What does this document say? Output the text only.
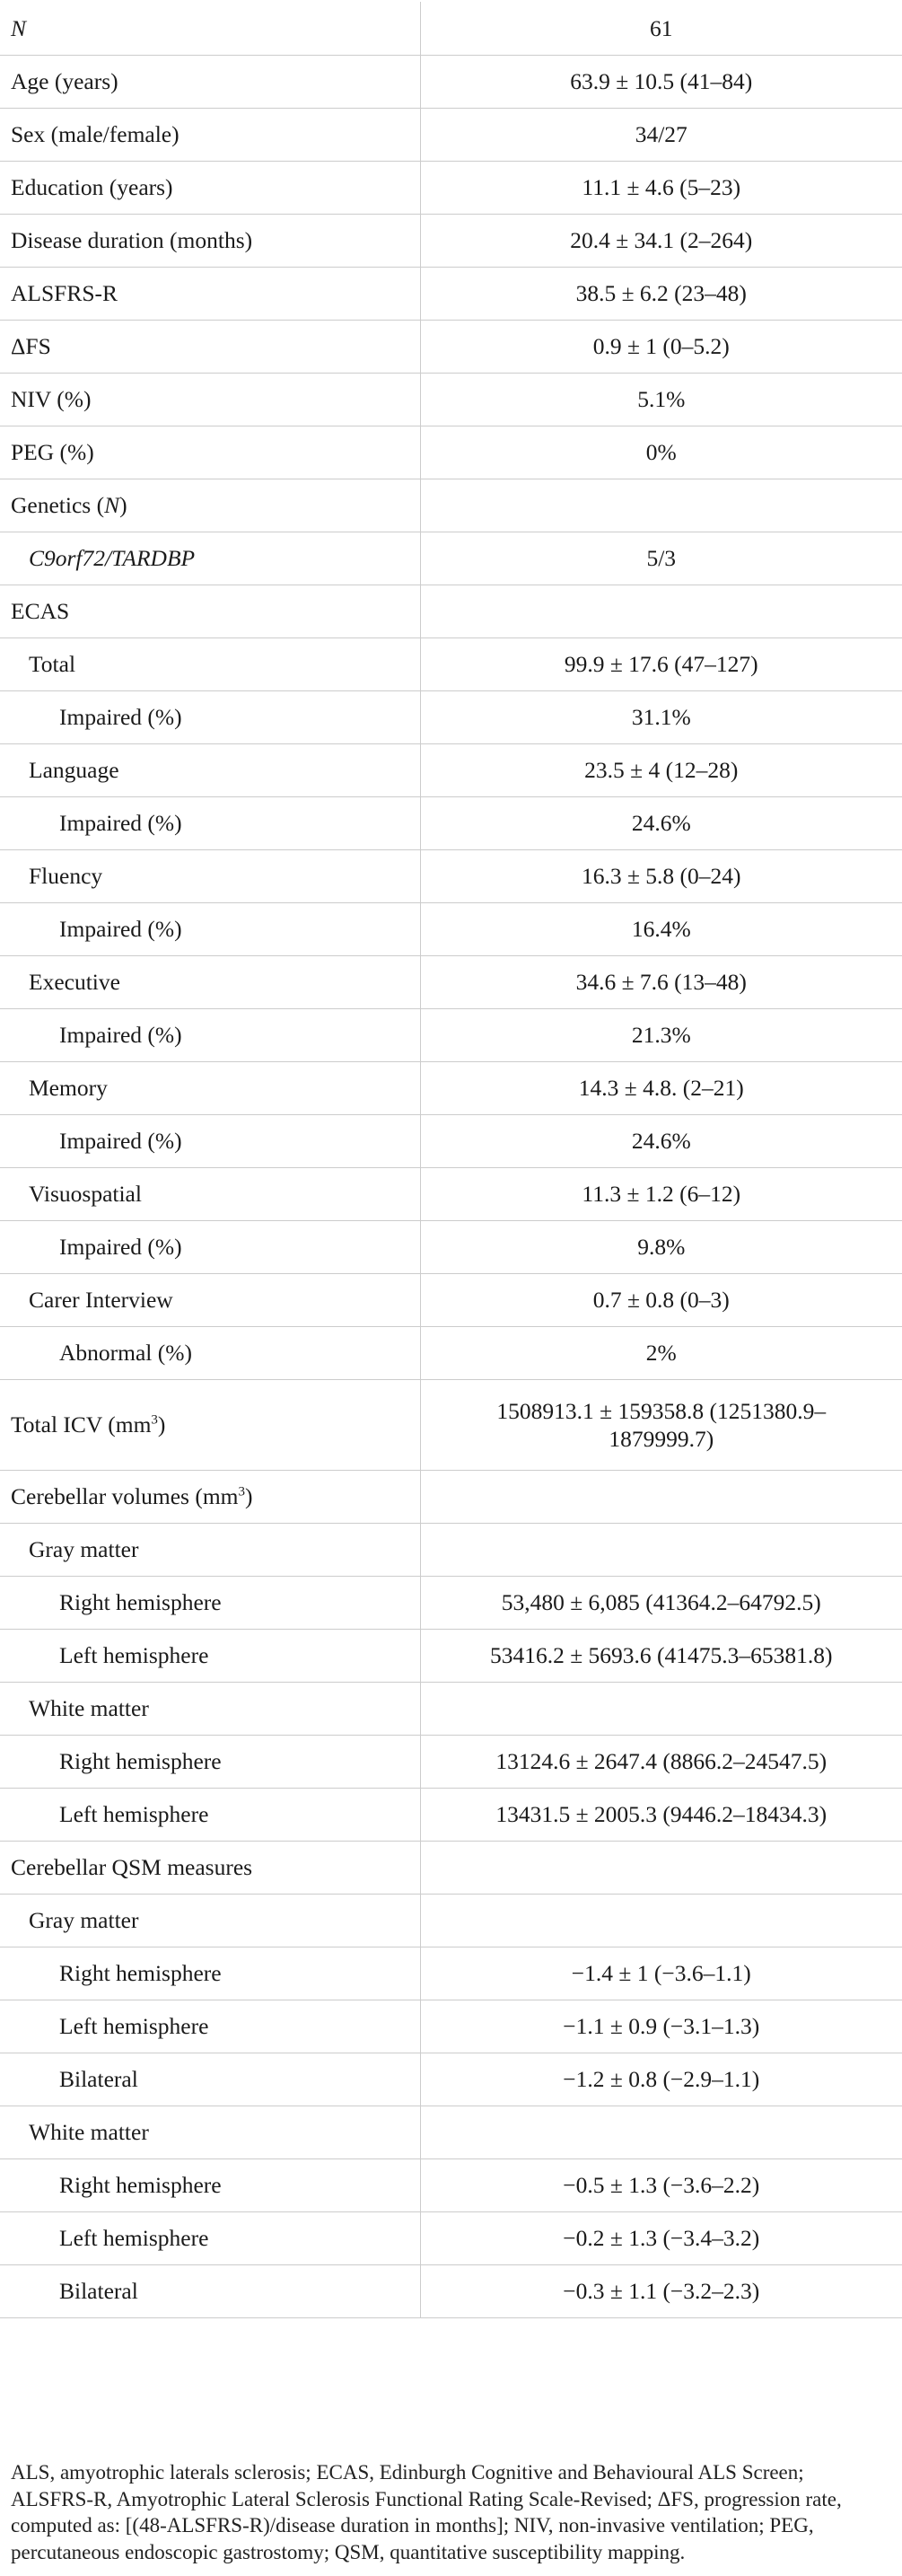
N	61
Age (years)	63.9 ± 10.5 (41–84)
Sex (male/female)	34/27
Education (years)	11.1 ± 4.6 (5–23)
Disease duration (months)	20.4 ± 34.1 (2–264)
ALSFRS-R	38.5 ± 6.2 (23–48)
ΔFS	0.9 ± 1 (0–5.2)
NIV (%)	5.1%
PEG (%)	0%
Genetics (N)	
C9orf72/TARDBP	5/3
ECAS	
Total	99.9 ± 17.6 (47–127)
Impaired (%)	31.1%
Language	23.5 ± 4 (12–28)
Impaired (%)	24.6%
Fluency	16.3 ± 5.8 (0–24)
Impaired (%)	16.4%
Executive	34.6 ± 7.6 (13–48)
Impaired (%)	21.3%
Memory	14.3 ± 4.8. (2–21)
Impaired (%)	24.6%
Visuospatial	11.3 ± 1.2 (6–12)
Impaired (%)	9.8%
Carer Interview	0.7 ± 0.8 (0–3)
Abnormal (%)	2%
Total ICV $(mm^3)$	1508913.1 ± 159358.8 (1251380.9–
1879999.7)
Cerebellar volumes $(mm^3)$	
Gray matter	
Right hemisphere	53,480 ± 6,085 (41364.2–64792.5)
Left hemisphere	53416.2 ± 5693.6 (41475.3–65381.8)
White matter	
Right hemisphere	13124.6 ± 2647.4 (8866.2–24547.5)
Left hemisphere	13431.5 ± 2005.3 (9446.2–18434.3)
Cerebellar QSM measures	
Gray matter	
Right hemisphere	−1.4 ± 1 (−3.6–1.1)
Left hemisphere	−1.1 ± 0.9 (−3.1–1.3)
Bilateral	−1.2 ± 0.8 (−2.9–1.1)
White matter	
Right hemisphere	−0.5 ± 1.3 (−3.6–2.2)
Left hemisphere	−0.2 ± 1.3 (−3.4–3.2)
Bilateral	−0.3 ± 1.1 (−3.2–2.3)
ALS, amyotrophic laterals sclerosis; ECAS, Edinburgh Cognitive and Behavioural ALS Screen; ALSFRS-R, Amyotrophic Lateral Sclerosis Functional Rating Scale-Revised; ΔFS, progression rate, computed as: [(48-ALSFRS-R)/disease duration in months]; NIV, non-invasive ventilation; PEG, percutaneous endoscopic gastrostomy; QSM, quantitative susceptibility mapping.
